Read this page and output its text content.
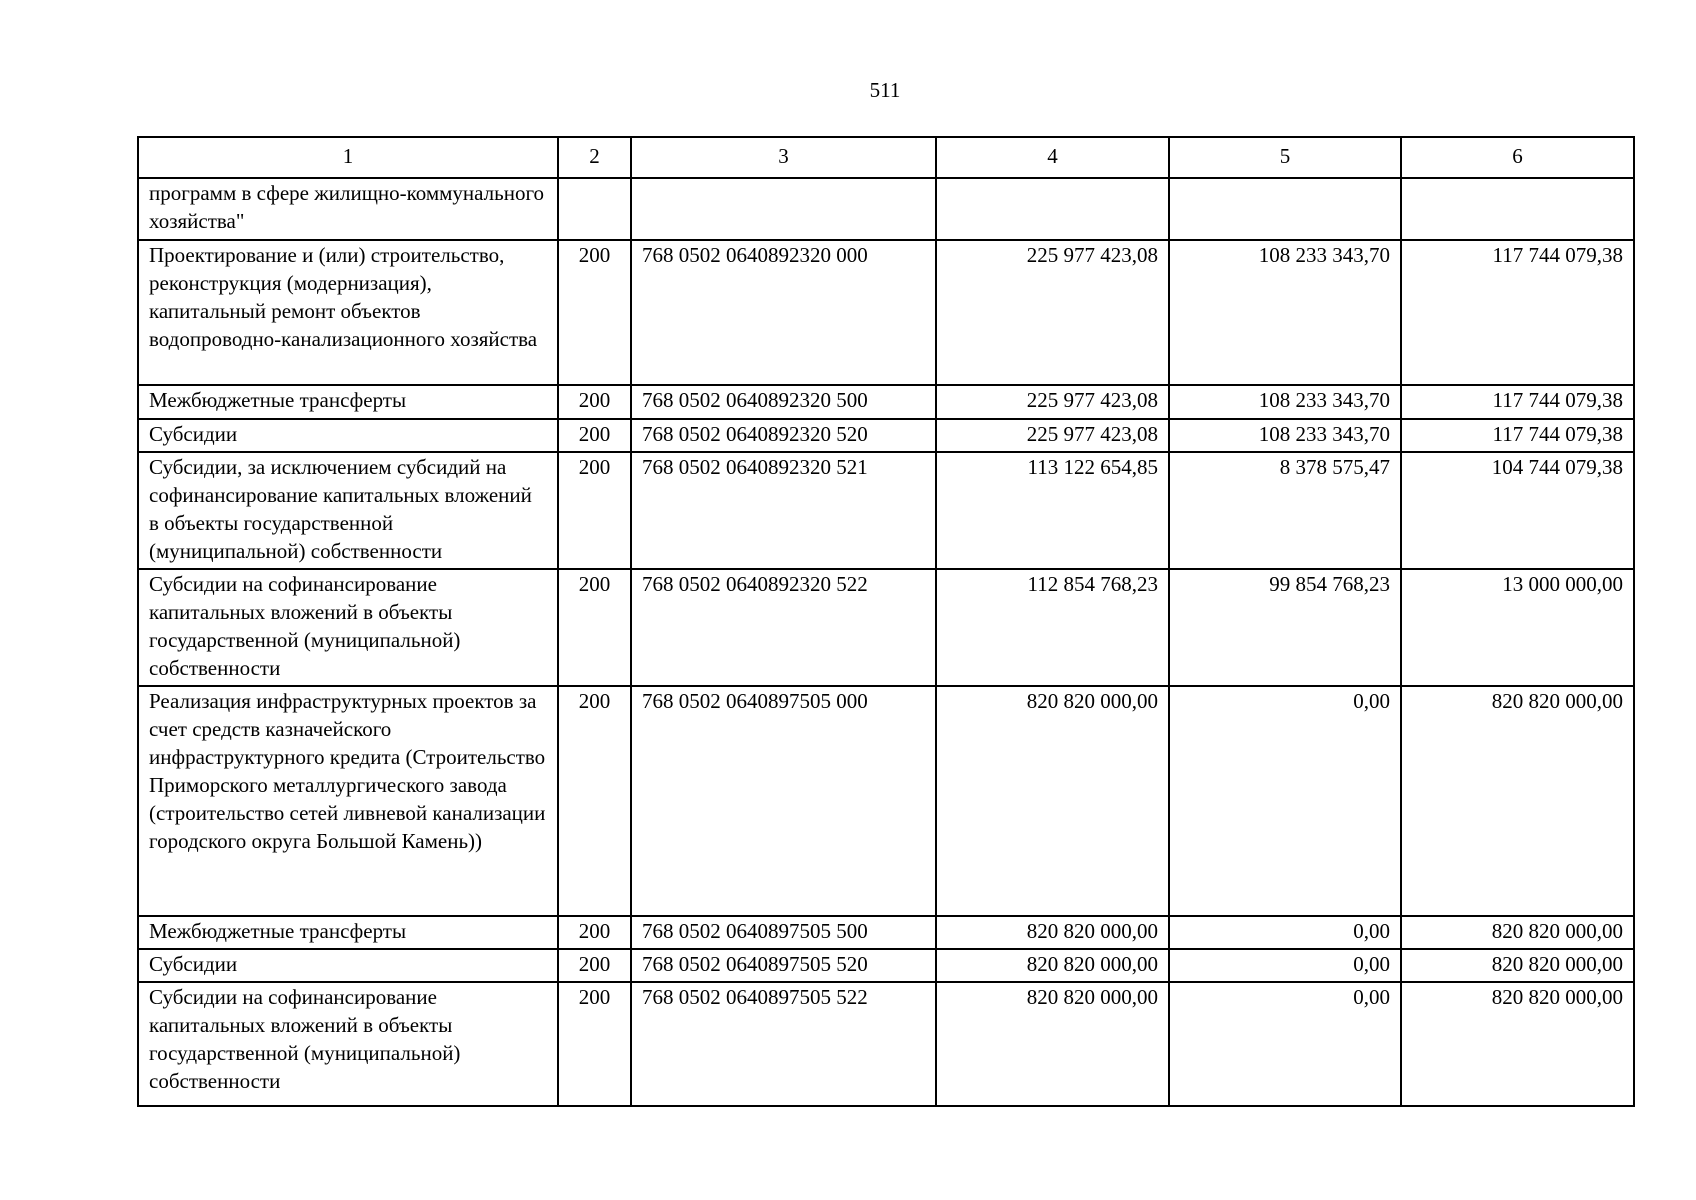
511
1	2	3	4	5	6
программ в сфере жилищно-коммунального хозяйства"					
Проектирование и (или) строительство, реконструкция (модернизация), капитальный ремонт объектов водопроводно-канализационного хозяйства	200	768 0502 0640892320 000	225 977 423,08	108 233 343,70	117 744 079,38
Межбюджетные трансферты	200	768 0502 0640892320 500	225 977 423,08	108 233 343,70	117 744 079,38
Субсидии	200	768 0502 0640892320 520	225 977 423,08	108 233 343,70	117 744 079,38
Субсидии, за исключением субсидий на софинансирование капитальных вложений в объекты государственной (муниципальной) собственности	200	768 0502 0640892320 521	113 122 654,85	8 378 575,47	104 744 079,38
Субсидии на софинансирование капитальных вложений в объекты государственной (муниципальной) собственности	200	768 0502 0640892320 522	112 854 768,23	99 854 768,23	13 000 000,00
Реализация инфраструктурных проектов за счет средств казначейского инфраструктурного кредита (Строительство Приморского металлургического завода (строительство сетей ливневой канализации городского округа Большой Камень))	200	768 0502 0640897505 000	820 820 000,00	0,00	820 820 000,00
Межбюджетные трансферты	200	768 0502 0640897505 500	820 820 000,00	0,00	820 820 000,00
Субсидии	200	768 0502 0640897505 520	820 820 000,00	0,00	820 820 000,00
Субсидии на софинансирование капитальных вложений в объекты государственной (муниципальной) собственности	200	768 0502 0640897505 522	820 820 000,00	0,00	820 820 000,00
